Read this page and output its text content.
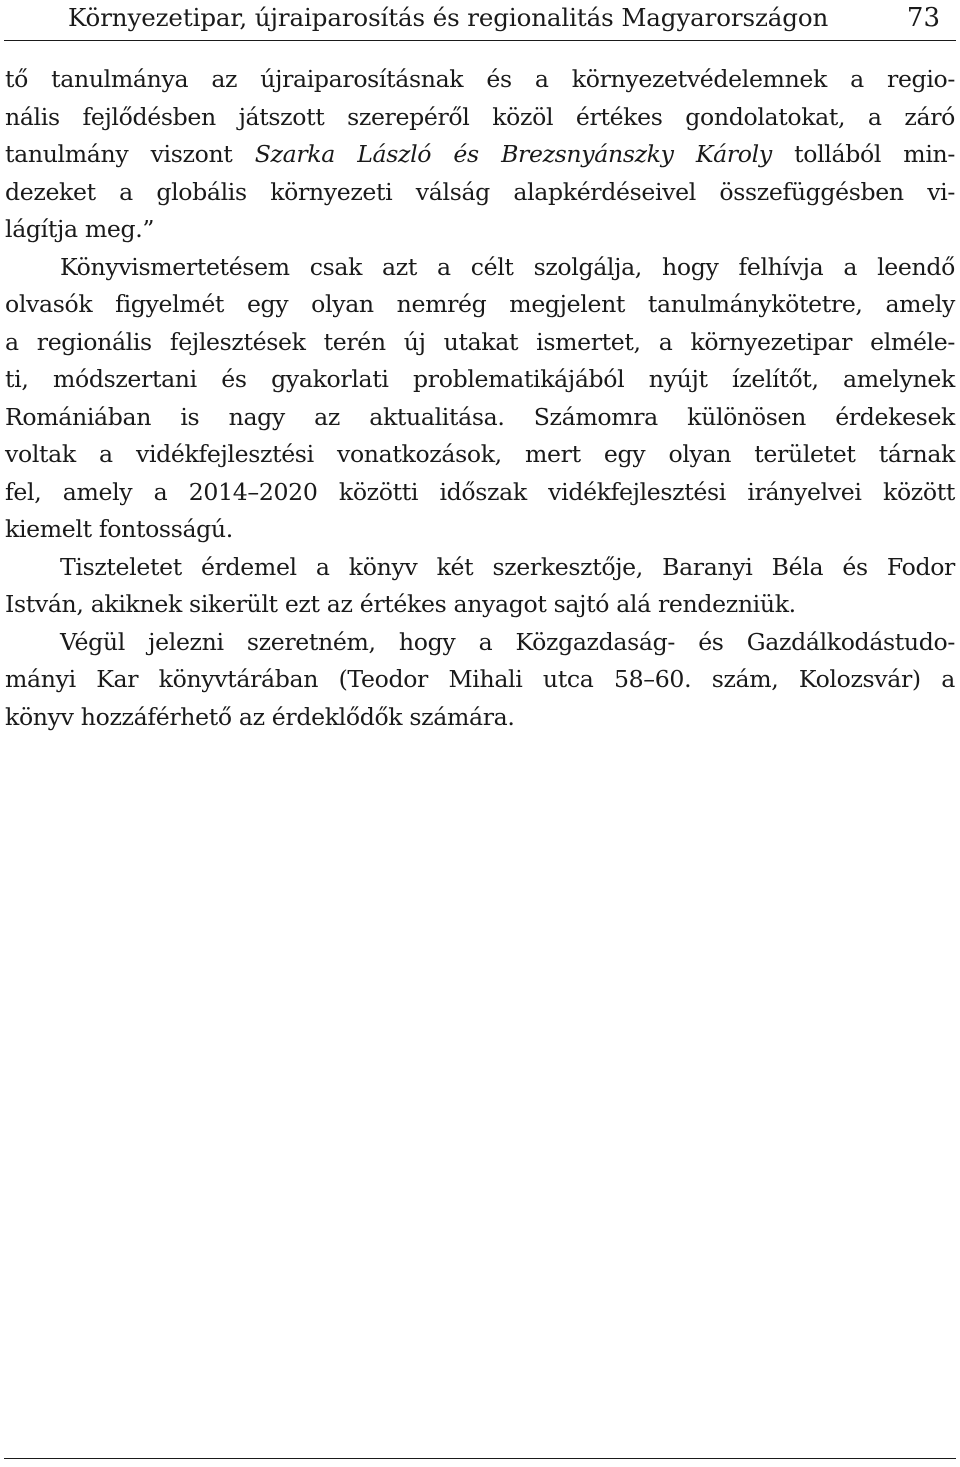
Környezetipar, újraiparosítás és regionalitás Magyarországon	73
tő tanulmánya az újraiparosításnak és a környezetvédelemnek a regio-
nális fejlődésben játszott szerepéről közöl értékes gondolatokat, a záró
tanulmány viszont Szarka László és Brezsnyánszky Károly tollából min-
dezeket a globális környezeti válság alapkérdéseivel összefüggésben vi-
lágítja meg.”
Könyvismertetésem csak azt a célt szolgálja, hogy felhívja a leendő
olvasók figyelmét egy olyan nemrég megjelent tanulmánykötetre, amely
a regionális fejlesztések terén új utakat ismertet, a környezetipar elméle-
ti, módszertani és gyakorlati problematikájából nyújt ízelítőt, amelynek
Romániában is nagy az aktualitása. Számomra különösen érdekesek
voltak a vidékfejlesztési vonatkozások, mert egy olyan területet tárnak
fel, amely a 2014–2020 közötti időszak vidékfejlesztési irányelvei között
kiemelt fontosságú.
Tiszteletet érdemel a könyv két szerkesztője, Baranyi Béla és Fodor
István, akiknek sikerült ezt az értékes anyagot sajtó alá rendezniük.
Végül jelezni szeretném, hogy a Közgazdaság- és Gazdálkodástudo-
mányi Kar könyvtárában (Teodor Mihali utca 58–60. szám, Kolozsvár) a
könyv hozzáférhető az érdeklődők számára.
